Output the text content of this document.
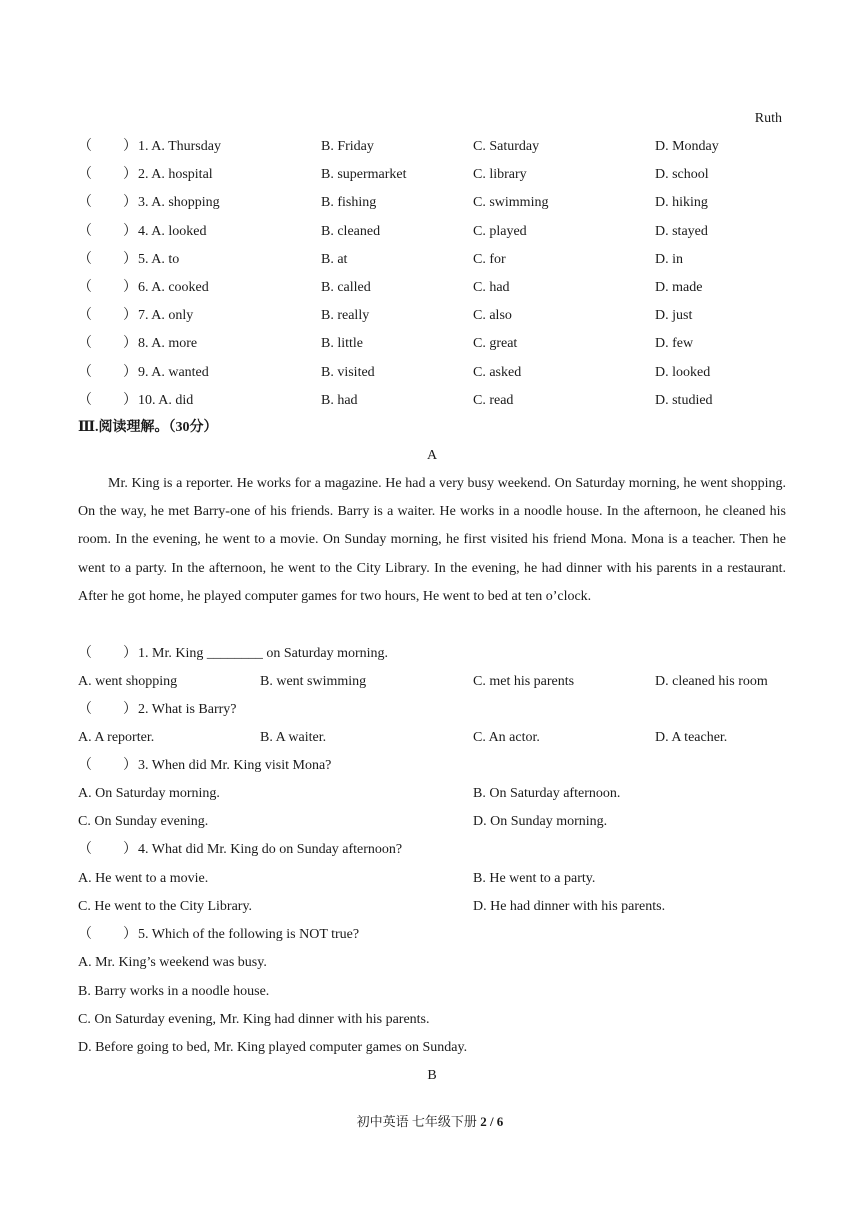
Ruth
（ ） 1. A. Thursday	B. Friday	C. Saturday	D. Monday
（ ） 2. A. hospital	B. supermarket	C. library	D. school
（ ） 3. A. shopping	B. fishing	C. swimming	D. hiking
（ ） 4. A. looked	B. cleaned	C. played	D. stayed
（ ） 5. A. to	B. at	C. for	D. in
（ ） 6. A. cooked	B. called	C. had	D. made
（ ） 7. A. only	B. really	C. also	D. just
（ ） 8. A. more	B. little	C. great	D. few
（ ） 9. A. wanted	B. visited	C. asked	D. looked
（ ） 10. A. did	B. had	C. read	D. studied
Ⅲ.阅读理解。（30分）
A
Mr. King is a reporter. He works for a magazine. He had a very busy weekend. On Saturday morning, he went shopping. On the way, he met Barry-one of his friends. Barry is a waiter. He works in a noodle house. In the afternoon, he cleaned his room. In the evening, he went to a movie. On Sunday morning, he first visited his friend Mona. Mona is a teacher. Then he went to a party. In the afternoon, he went to the City Library. In the evening, he had dinner with his parents in a restaurant. After he got home, he played computer games for two hours, He went to bed at ten o’clock.
（ ）1. Mr. King ________ on Saturday morning.
A. went shopping	B. went swimming	C. met his parents	D. cleaned his room
（ ）2. What is Barry?
A. A reporter.	B. A waiter.	C. An actor.	D. A teacher.
（ ）3. When did Mr. King visit Mona?
A. On Saturday morning.	B. On Saturday afternoon.
C. On Sunday evening.	D. On Sunday morning.
（ ）4. What did Mr. King do on Sunday afternoon?
A. He went to a movie.	B. He went to a party.
C. He went to the City Library.	D. He had dinner with his parents.
（ ）5. Which of the following is NOT true?
A. Mr. King’s weekend was busy.
B. Barry works in a noodle house.
C. On Saturday evening, Mr. King had dinner with his parents.
D. Before going to bed, Mr. King played computer games on Sunday.
B
初中英语 七年级下册 2 / 6
